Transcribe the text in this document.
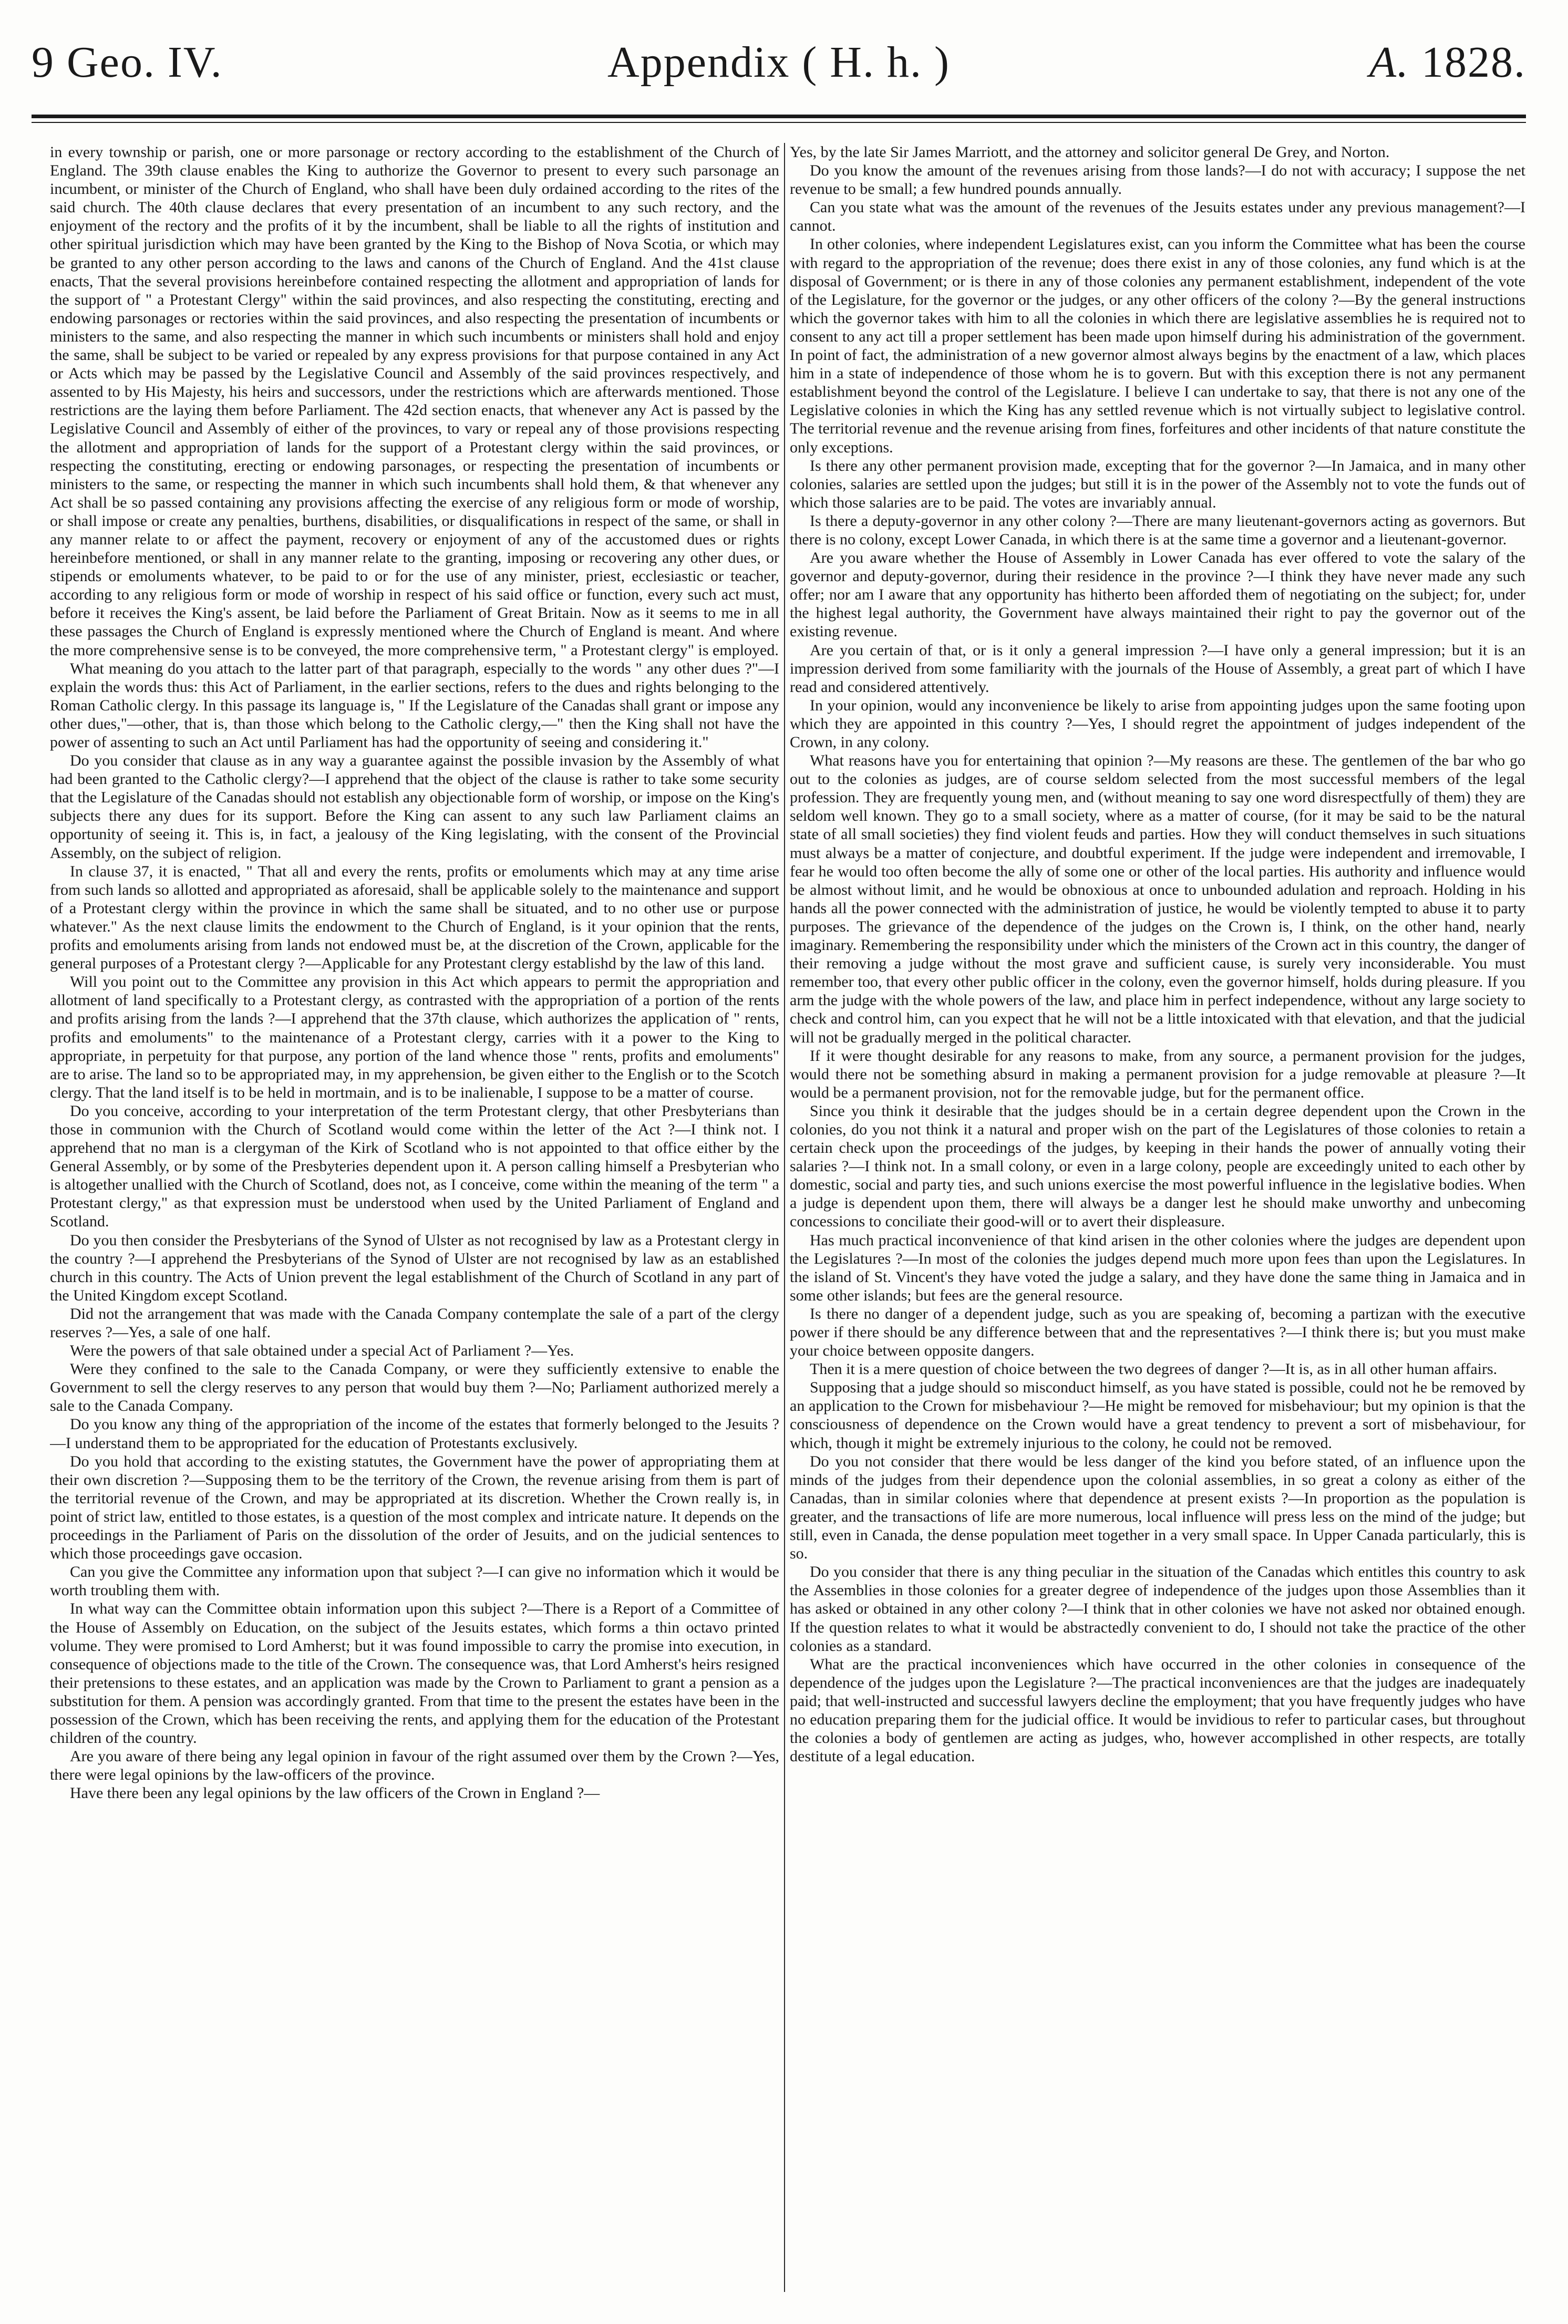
9 Geo. IV.	Appendix ( H. h. )	A. 1828.

in every township or parish, one or more parsonage or rectory according to the establishment of the Church of England. The 39th clause enables the King to authorize the Governor to present to every such parsonage an incumbent, or minister of the Church of England, who shall have been duly ordained according to the rites of the said church. The 40th clause declares that every presentation of an incumbent to any such rectory, and the enjoyment of the rectory and the profits of it by the incumbent, shall be liable to all the rights of institution and other spiritual jurisdiction which may have been granted by the King to the Bishop of Nova Scotia, or which may be granted to any other person according to the laws and canons of the Church of England. And the 41st clause enacts, That the several provisions hereinbefore contained respecting the allotment and appropriation of lands for the support of " a Protestant Clergy" within the said provinces, and also respecting the constituting, erecting and endowing parsonages or rectories within the said provinces, and also respecting the presentation of incumbents or ministers to the same, and also respecting the manner in which such incumbents or ministers shall hold and enjoy the same, shall be subject to be varied or repealed by any express provisions for that purpose contained in any Act or Acts which may be passed by the Legislative Council and Assembly of the said provinces respectively, and assented to by His Majesty, his heirs and successors, under the restrictions which are afterwards mentioned. Those restrictions are the laying them before Parliament. The 42d section enacts, that whenever any Act is passed by the Legislative Council and Assembly of either of the provinces, to vary or repeal any of those provisions respecting the allotment and appropriation of lands for the support of a Protestant clergy within the said provinces, or respecting the constituting, erecting or endowing parsonages, or respecting the presentation of incumbents or ministers to the same, or respecting the manner in which such incumbents shall hold them, & that whenever any Act shall be so passed containing any provisions affecting the exercise of any religious form or mode of worship, or shall impose or create any penalties, burthens, disabilities, or disqualifications in respect of the same, or shall in any manner relate to or affect the payment, recovery or enjoyment of any of the accustomed dues or rights hereinbefore mentioned, or shall in any manner relate to the granting, imposing or recovering any other dues, or stipends or emoluments whatever, to be paid to or for the use of any minister, priest, ecclesiastic or teacher, according to any religious form or mode of worship in respect of his said office or function, every such act must, before it receives the King's assent, be laid before the Parliament of Great Britain. Now as it seems to me in all these passages the Church of England is expressly mentioned where the Church of England is meant. And where the more comprehensive sense is to be conveyed, the more comprehensive term, " a Protestant clergy" is employed.

What meaning do you attach to the latter part of that paragraph, especially to the words " any other dues ?"—I explain the words thus: this Act of Parliament, in the earlier sections, refers to the dues and rights belonging to the Roman Catholic clergy. In this passage its language is, " If the Legislature of the Canadas shall grant or impose any other dues,"—other, that is, than those which belong to the Catholic clergy,—" then the King shall not have the power of assenting to such an Act until Parliament has had the opportunity of seeing and considering it."

Do you consider that clause as in any way a guarantee against the possible invasion by the Assembly of what had been granted to the Catholic clergy?—I apprehend that the object of the clause is rather to take some security that the Legislature of the Canadas should not establish any objectionable form of worship, or impose on the King's subjects there any dues for its support. Before the King can assent to any such law Parliament claims an opportunity of seeing it. This is, in fact, a jealousy of the King legislating, with the consent of the Provincial Assembly, on the subject of religion.

In clause 37, it is enacted, " That all and every the rents, profits or emoluments which may at any time arise from such lands so allotted and appropriated as aforesaid, shall be applicable solely to the maintenance and support of a Protestant clergy within the province in which the same shall be situated, and to no other use or purpose whatever." As the next clause limits the endowment to the Church of England, is it your opinion that the rents, profits and emoluments arising from lands not endowed must be, at the discretion of the Crown, applicable for the general purposes of a Protestant clergy ?—Applicable for any Protestant clergy establishd by the law of this land.

Will you point out to the Committee any provision in this Act which appears to permit the appropriation and allotment of land specifically to a Protestant clergy, as contrasted with the appropriation of a portion of the rents and profits arising from the lands ?—I apprehend that the 37th clause, which authorizes the application of " rents, profits and emoluments" to the maintenance of a Protestant clergy, carries with it a power to the King to appropriate, in perpetuity for that purpose, any portion of the land whence those " rents, profits and emoluments" are to arise. The land so to be appropriated may, in my apprehension, be given either to the English or to the Scotch clergy. That the land itself is to be held in mortmain, and is to be inalienable, I suppose to be a matter of course.

Do you conceive, according to your interpretation of the term Protestant clergy, that other Presbyterians than those in communion with the Church of Scotland would come within the letter of the Act ?—I think not. I apprehend that no man is a clergyman of the Kirk of Scotland who is not appointed to that office either by the General Assembly, or by some of the Presbyteries dependent upon it. A person calling himself a Presbyterian who is altogether unallied with the Church of Scotland, does not, as I conceive, come within the meaning of the term " a Protestant clergy," as that expression must be understood when used by the United Parliament of England and Scotland.

Do you then consider the Presbyterians of the Synod of Ulster as not recognised by law as a Protestant clergy in the country ?—I apprehend the Presbyterians of the Synod of Ulster are not recognised by law as an established church in this country. The Acts of Union prevent the legal establishment of the Church of Scotland in any part of the United Kingdom except Scotland.

Did not the arrangement that was made with the Canada Company contemplate the sale of a part of the clergy reserves ?—Yes, a sale of one half.

Were the powers of that sale obtained under a special Act of Parliament ?—Yes.

Were they confined to the sale to the Canada Company, or were they sufficiently extensive to enable the Government to sell the clergy reserves to any person that would buy them ?—No; Parliament authorized merely a sale to the Canada Company.

Do you know any thing of the appropriation of the income of the estates that formerly belonged to the Jesuits ?—I understand them to be appropriated for the education of Protestants exclusively.

Do you hold that according to the existing statutes, the Government have the power of appropriating them at their own discretion ?—Supposing them to be the territory of the Crown, the revenue arising from them is part of the territorial revenue of the Crown, and may be appropriated at its discretion. Whether the Crown really is, in point of strict law, entitled to those estates, is a question of the most complex and intricate nature. It depends on the proceedings in the Parliament of Paris on the dissolution of the order of Jesuits, and on the judicial sentences to which those proceedings gave occasion.

Can you give the Committee any information upon that subject ?—I can give no information which it would be worth troubling them with.

In what way can the Committee obtain information upon this subject ?—There is a Report of a Committee of the House of Assembly on Education, on the subject of the Jesuits estates, which forms a thin octavo printed volume. They were promised to Lord Amherst; but it was found impossible to carry the promise into execution, in consequence of objections made to the title of the Crown. The consequence was, that Lord Amherst's heirs resigned their pretensions to these estates, and an application was made by the Crown to Parliament to grant a pension as a substitution for them. A pension was accordingly granted. From that time to the present the estates have been in the possession of the Crown, which has been receiving the rents, and applying them for the education of the Protestant children of the country.

Are you aware of there being any legal opinion in favour of the right assumed over them by the Crown ?—Yes, there were legal opinions by the law-officers of the province.

Have there been any legal opinions by the law officers of the Crown in England ?—

Yes, by the late Sir James Marriott, and the attorney and solicitor general De Grey, and Norton.

Do you know the amount of the revenues arising from those lands?—I do not with accuracy; I suppose the net revenue to be small; a few hundred pounds annually.

Can you state what was the amount of the revenues of the Jesuits estates under any previous management?—I cannot.

In other colonies, where independent Legislatures exist, can you inform the Committee what has been the course with regard to the appropriation of the revenue; does there exist in any of those colonies, any fund which is at the disposal of Government; or is there in any of those colonies any permanent establishment, independent of the vote of the Legislature, for the governor or the judges, or any other officers of the colony ?—By the general instructions which the governor takes with him to all the colonies in which there are legislative assemblies he is required not to consent to any act till a proper settlement has been made upon himself during his administration of the government. In point of fact, the administration of a new governor almost always begins by the enactment of a law, which places him in a state of independence of those whom he is to govern. But with this exception there is not any permanent establishment beyond the control of the Legislature. I believe I can undertake to say, that there is not any one of the Legislative colonies in which the King has any settled revenue which is not virtually subject to legislative control. The territorial revenue and the revenue arising from fines, forfeitures and other incidents of that nature constitute the only exceptions.

Is there any other permanent provision made, excepting that for the governor ?—In Jamaica, and in many other colonies, salaries are settled upon the judges; but still it is in the power of the Assembly not to vote the funds out of which those salaries are to be paid. The votes are invariably annual.

Is there a deputy-governor in any other colony ?—There are many lieutenant-governors acting as governors. But there is no colony, except Lower Canada, in which there is at the same time a governor and a lieutenant-governor.

Are you aware whether the House of Assembly in Lower Canada has ever offered to vote the salary of the governor and deputy-governor, during their residence in the province ?—I think they have never made any such offer; nor am I aware that any opportunity has hitherto been afforded them of negotiating on the subject; for, under the highest legal authority, the Government have always maintained their right to pay the governor out of the existing revenue.

Are you certain of that, or is it only a general impression ?—I have only a general impression; but it is an impression derived from some familiarity with the journals of the House of Assembly, a great part of which I have read and considered attentively.

In your opinion, would any inconvenience be likely to arise from appointing judges upon the same footing upon which they are appointed in this country ?—Yes, I should regret the appointment of judges independent of the Crown, in any colony.

What reasons have you for entertaining that opinion ?—My reasons are these. The gentlemen of the bar who go out to the colonies as judges, are of course seldom selected from the most successful members of the legal profession. They are frequently young men, and (without meaning to say one word disrespectfully of them) they are seldom well known. They go to a small society, where as a matter of course, (for it may be said to be the natural state of all small societies) they find violent feuds and parties. How they will conduct themselves in such situations must always be a matter of conjecture, and doubtful experiment. If the judge were independent and irremovable, I fear he would too often become the ally of some one or other of the local parties. His authority and influence would be almost without limit, and he would be obnoxious at once to unbounded adulation and reproach. Holding in his hands all the power connected with the administration of justice, he would be violently tempted to abuse it to party purposes. The grievance of the dependence of the judges on the Crown is, I think, on the other hand, nearly imaginary. Remembering the responsibility under which the ministers of the Crown act in this country, the danger of their removing a judge without the most grave and sufficient cause, is surely very inconsiderable. You must remember too, that every other public officer in the colony, even the governor himself, holds during pleasure. If you arm the judge with the whole powers of the law, and place him in perfect independence, without any large society to check and control him, can you expect that he will not be a little intoxicated with that elevation, and that the judicial will not be gradually merged in the political character.

If it were thought desirable for any reasons to make, from any source, a permanent provision for the judges, would there not be something absurd in making a permanent provision for a judge removable at pleasure ?—It would be a permanent provision, not for the removable judge, but for the permanent office.

Since you think it desirable that the judges should be in a certain degree dependent upon the Crown in the colonies, do you not think it a natural and proper wish on the part of the Legislatures of those colonies to retain a certain check upon the proceedings of the judges, by keeping in their hands the power of annually voting their salaries ?—I think not. In a small colony, or even in a large colony, people are exceedingly united to each other by domestic, social and party ties, and such unions exercise the most powerful influence in the legislative bodies. When a judge is dependent upon them, there will always be a danger lest he should make unworthy and unbecoming concessions to conciliate their good-will or to avert their displeasure.

Has much practical inconvenience of that kind arisen in the other colonies where the judges are dependent upon the Legislatures ?—In most of the colonies the judges depend much more upon fees than upon the Legislatures. In the island of St. Vincent's they have voted the judge a salary, and they have done the same thing in Jamaica and in some other islands; but fees are the general resource.

Is there no danger of a dependent judge, such as you are speaking of, becoming a partizan with the executive power if there should be any difference between that and the representatives ?—I think there is; but you must make your choice between opposite dangers.

Then it is a mere question of choice between the two degrees of danger ?—It is, as in all other human affairs.

Supposing that a judge should so misconduct himself, as you have stated is possible, could not he be removed by an application to the Crown for misbehaviour ?—He might be removed for misbehaviour; but my opinion is that the consciousness of dependence on the Crown would have a great tendency to prevent a sort of misbehaviour, for which, though it might be extremely injurious to the colony, he could not be removed.

Do you not consider that there would be less danger of the kind you before stated, of an influence upon the minds of the judges from their dependence upon the colonial assemblies, in so great a colony as either of the Canadas, than in similar colonies where that dependence at present exists ?—In proportion as the population is greater, and the transactions of life are more numerous, local influence will press less on the mind of the judge; but still, even in Canada, the dense population meet together in a very small space. In Upper Canada particularly, this is so.

Do you consider that there is any thing peculiar in the situation of the Canadas which entitles this country to ask the Assemblies in those colonies for a greater degree of independence of the judges upon those Assemblies than it has asked or obtained in any other colony ?—I think that in other colonies we have not asked nor obtained enough. If the question relates to what it would be abstractedly convenient to do, I should not take the practice of the other colonies as a standard.

What are the practical inconveniences which have occurred in the other colonies in consequence of the dependence of the judges upon the Legislature ?—The practical inconveniences are that the judges are inadequately paid; that well-instructed and successful lawyers decline the employment; that you have frequently judges who have no education preparing them for the judicial office. It would be invidious to refer to particular cases, but throughout the colonies a body of gentlemen are acting as judges, who, however accomplished in other respects, are totally destitute of a legal education.
